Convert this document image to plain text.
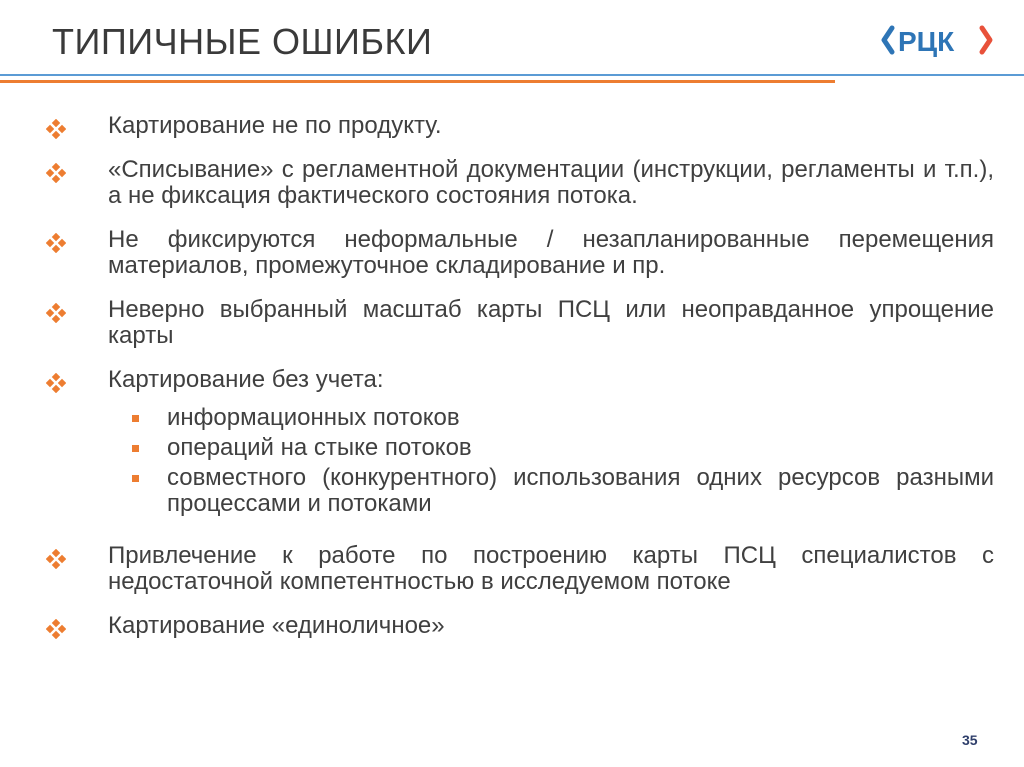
ТИПИЧНЫЕ ОШИБКИ	РЦК
Картирование не по продукту.
«Списывание» с регламентной документации (инструкции, регламенты и т.п.), а не фиксация фактического состояния потока.
Не фиксируются неформальные / незапланированные перемещения материалов, промежуточное складирование и пр.
Неверно выбранный масштаб карты ПСЦ или неоправданное упрощение карты
Картирование без учета:
информационных потоков
операций на стыке потоков
совместного (конкурентного) использования одних ресурсов разными процессами и потоками
Привлечение к работе по построению карты ПСЦ специалистов с недостаточной компетентностью в исследуемом потоке
Картирование «единоличное»
35
